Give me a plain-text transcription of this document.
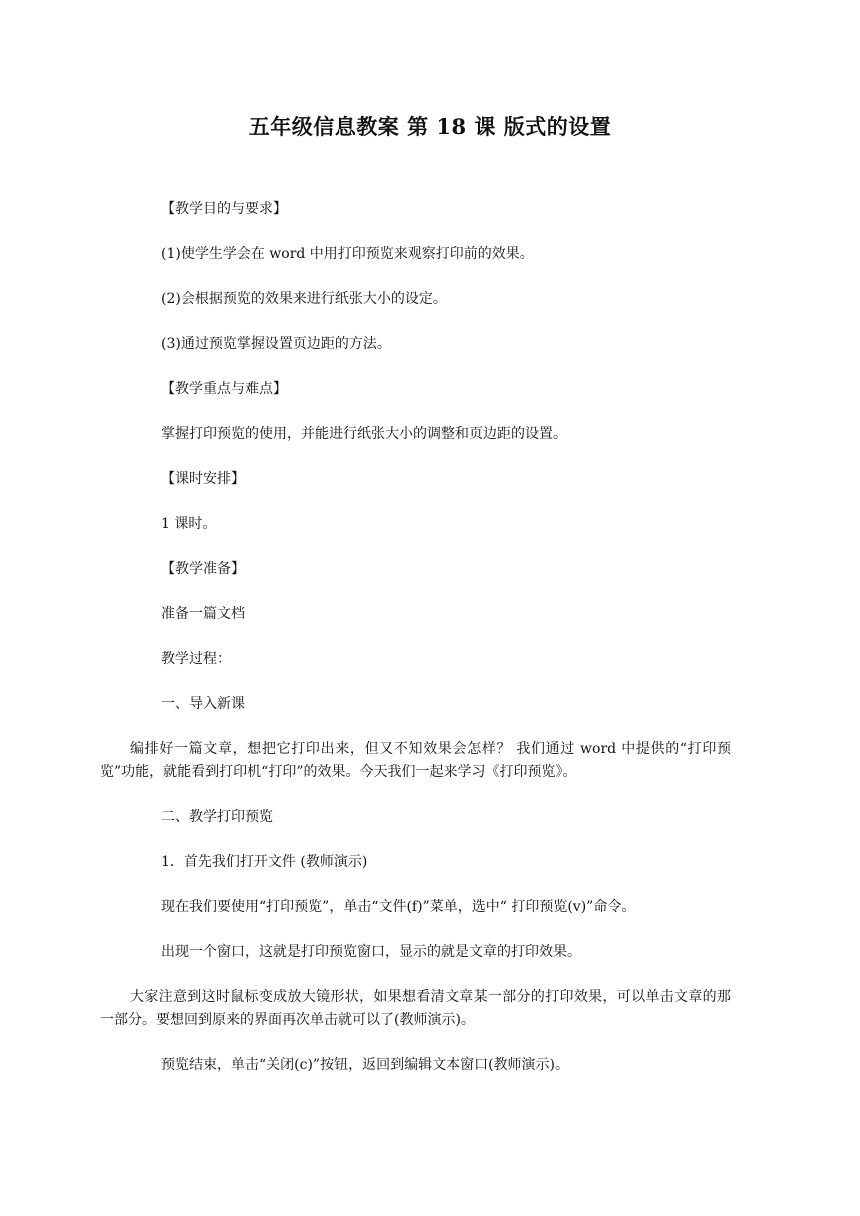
五年级信息教案 第 18 课 版式的设置

【教学目的与要求】

(1)使学生学会在 word 中用打印预览来观察打印前的效果。

(2)会根据预览的效果来进行纸张大小的设定。

(3)通过预览掌握设置页边距的方法。

【教学重点与难点】

掌握打印预览的使用，并能进行纸张大小的调整和页边距的设置。

【课时安排】

1 课时。

【教学准备】

准备一篇文档

教学过程：

一、导入新课

编排好一篇文章，想把它打印出来，但又不知效果会怎样？ 我们通过 word 中提供的“打印预览”功能，就能看到打印机“打印”的效果。今天我们一起来学习《打印预览》。

二、教学打印预览

1．首先我们打开文件 (教师演示)

现在我们要使用“打印预览”，单击“文件(f)”菜单，选中“ 打印预览(v)”命令。

出现一个窗口，这就是打印预览窗口，显示的就是文章的打印效果。

大家注意到这时鼠标变成放大镜形状，如果想看清文章某一部分的打印效果，可以单击文章的那一部分。要想回到原来的界面再次单击就可以了(教师演示)。

预览结束，单击“关闭(c)”按钮，返回到编辑文本窗口(教师演示)。
